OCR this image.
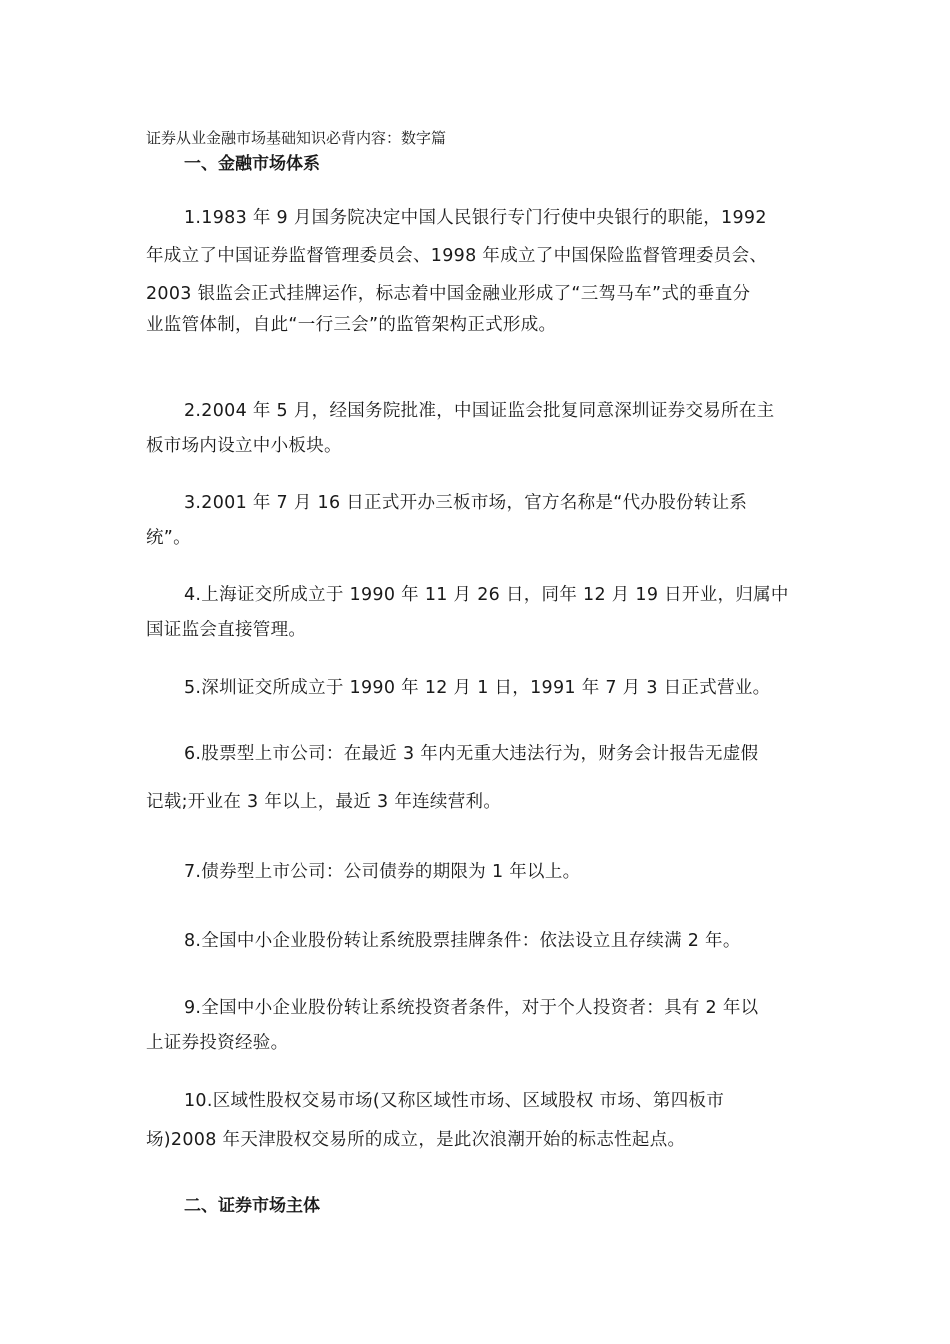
证券从业金融市场基础知识必背内容：数字篇
一、金融市场体系
1.1983 年 9 月国务院决定中国人民银行专门行使中央银行的职能，1992
年成立了中国证券监督管理委员会、1998 年成立了中国保险监督管理委员会、
2003 银监会正式挂牌运作，标志着中国金融业形成了“三驾马车”式的垂直分
业监管体制，自此“一行三会”的监管架构正式形成。
2.2004 年 5 月，经国务院批准，中国证监会批复同意深圳证券交易所在主
板市场内设立中小板块。
3.2001 年 7 月 16 日正式开办三板市场，官方名称是“代办股份转让系
统”。
4.上海证交所成立于 1990 年 11 月 26 日，同年 12 月 19 日开业，归属中
国证监会直接管理。
5.深圳证交所成立于 1990 年 12 月 1 日，1991 年 7 月 3 日正式营业。
6.股票型上市公司：在最近 3 年内无重大违法行为，财务会计报告无虚假
记载;开业在 3 年以上，最近 3 年连续营利。
7.债券型上市公司：公司债券的期限为 1 年以上。
8.全国中小企业股份转让系统股票挂牌条件：依法设立且存续满 2 年。
9.全国中小企业股份转让系统投资者条件，对于个人投资者：具有 2 年以
上证券投资经验。
10.区域性股权交易市场(又称区域性市场、区域股权 市场、第四板市
场)2008 年天津股权交易所的成立，是此次浪潮开始的标志性起点。
二、证券市场主体
